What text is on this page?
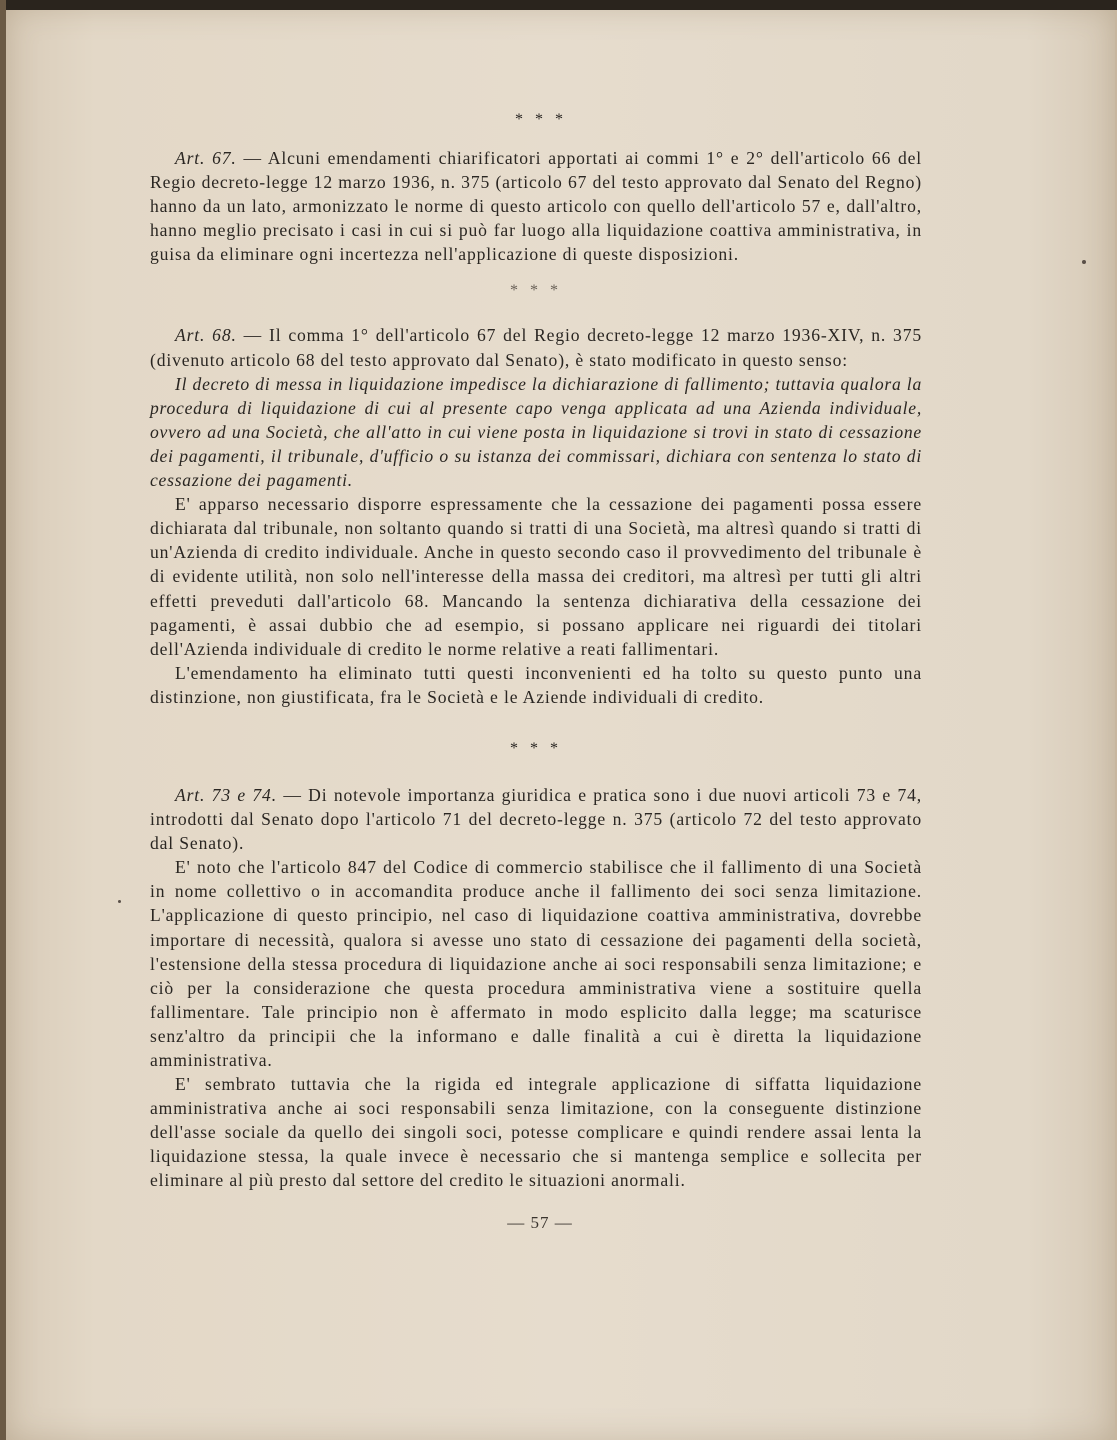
* * *

Art. 67. — Alcuni emendamenti chiarificatori apportati ai commi 1° e 2° dell'articolo 66 del Regio decreto-legge 12 marzo 1936, n. 375 (articolo 67 del testo approvato dal Senato del Regno) hanno da un lato, armonizzato le norme di questo articolo con quello dell'articolo 57 e, dall'altro, hanno meglio precisato i casi in cui si può far luogo alla liquidazione coattiva amministrativa, in guisa da eliminare ogni incertezza nell'applicazione di queste disposizioni.

* * *

Art. 68. — Il comma 1° dell'articolo 67 del Regio decreto-legge 12 marzo 1936-XIV, n. 375 (divenuto articolo 68 del testo approvato dal Senato), è stato modificato in questo senso:

Il decreto di messa in liquidazione impedisce la dichiarazione di fallimento; tuttavia qualora la procedura di liquidazione di cui al presente capo venga applicata ad una Azienda individuale, ovvero ad una Società, che all'atto in cui viene posta in liquidazione si trovi in stato di cessazione dei pagamenti, il tribunale, d'ufficio o su istanza dei commissari, dichiara con sentenza lo stato di cessazione dei pagamenti.

E' apparso necessario disporre espressamente che la cessazione dei pagamenti possa essere dichiarata dal tribunale, non soltanto quando si tratti di una Società, ma altresì quando si tratti di un'Azienda di credito individuale. Anche in questo secondo caso il provvedimento del tribunale è di evidente utilità, non solo nell'interesse della massa dei creditori, ma altresì per tutti gli altri effetti preveduti dall'articolo 68. Mancando la sentenza dichiarativa della cessazione dei pagamenti, è assai dubbio che ad esempio, si possano applicare nei riguardi dei titolari dell'Azienda individuale di credito le norme relative a reati fallimentari.

L'emendamento ha eliminato tutti questi inconvenienti ed ha tolto su questo punto una distinzione, non giustificata, fra le Società e le Aziende individuali di credito.

* * *

Art. 73 e 74. — Di notevole importanza giuridica e pratica sono i due nuovi articoli 73 e 74, introdotti dal Senato dopo l'articolo 71 del decreto-legge n. 375 (articolo 72 del testo approvato dal Senato).

E' noto che l'articolo 847 del Codice di commercio stabilisce che il fallimento di una Società in nome collettivo o in accomandita produce anche il fallimento dei soci senza limitazione. L'applicazione di questo principio, nel caso di liquidazione coattiva amministrativa, dovrebbe importare di necessità, qualora si avesse uno stato di cessazione dei pagamenti della società, l'estensione della stessa procedura di liquidazione anche ai soci responsabili senza limitazione; e ciò per la considerazione che questa procedura amministrativa viene a sostituire quella fallimentare. Tale principio non è affermato in modo esplicito dalla legge; ma scaturisce senz'altro da principii che la informano e dalle finalità a cui è diretta la liquidazione amministrativa.

E' sembrato tuttavia che la rigida ed integrale applicazione di siffatta liquidazione amministrativa anche ai soci responsabili senza limitazione, con la conseguente distinzione dell'asse sociale da quello dei singoli soci, potesse complicare e quindi rendere assai lenta la liquidazione stessa, la quale invece è necessario che si mantenga semplice e sollecita per eliminare al più presto dal settore del credito le situazioni anormali.

— 57 —
